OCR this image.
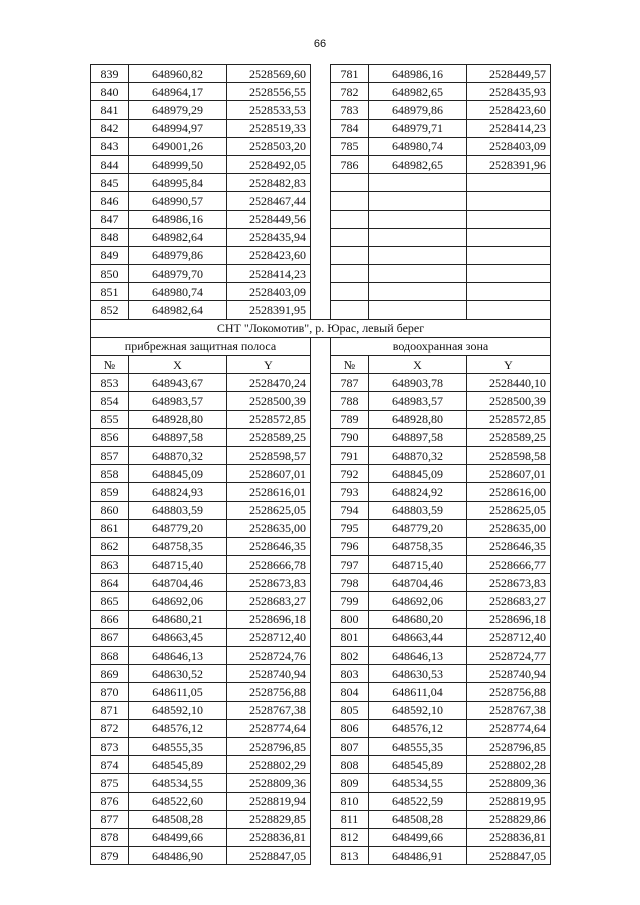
66
839	648960,82	2528569,60		781	648986,16	2528449,57
840	648964,17	2528556,55		782	648982,65	2528435,93
841	648979,29	2528533,53		783	648979,86	2528423,60
842	648994,97	2528519,33		784	648979,71	2528414,23
843	649001,26	2528503,20		785	648980,74	2528403,09
844	648999,50	2528492,05		786	648982,65	2528391,96
845	648995,84	2528482,83				
846	648990,57	2528467,44				
847	648986,16	2528449,56				
848	648982,64	2528435,94				
849	648979,86	2528423,60				
850	648979,70	2528414,23				
851	648980,74	2528403,09				
852	648982,64	2528391,95				
СНТ "Локомотив", р. Юрас, левый берег						
прибрежная защитная полоса				водоохранная зона		
№	X	Y		№	X	Y
853	648943,67	2528470,24		787	648903,78	2528440,10
854	648983,57	2528500,39		788	648983,57	2528500,39
855	648928,80	2528572,85		789	648928,80	2528572,85
856	648897,58	2528589,25		790	648897,58	2528589,25
857	648870,32	2528598,57		791	648870,32	2528598,58
858	648845,09	2528607,01		792	648845,09	2528607,01
859	648824,93	2528616,01		793	648824,92	2528616,00
860	648803,59	2528625,05		794	648803,59	2528625,05
861	648779,20	2528635,00		795	648779,20	2528635,00
862	648758,35	2528646,35		796	648758,35	2528646,35
863	648715,40	2528666,78		797	648715,40	2528666,77
864	648704,46	2528673,83		798	648704,46	2528673,83
865	648692,06	2528683,27		799	648692,06	2528683,27
866	648680,21	2528696,18		800	648680,20	2528696,18
867	648663,45	2528712,40		801	648663,44	2528712,40
868	648646,13	2528724,76		802	648646,13	2528724,77
869	648630,52	2528740,94		803	648630,53	2528740,94
870	648611,05	2528756,88		804	648611,04	2528756,88
871	648592,10	2528767,38		805	648592,10	2528767,38
872	648576,12	2528774,64		806	648576,12	2528774,64
873	648555,35	2528796,85		807	648555,35	2528796,85
874	648545,89	2528802,29		808	648545,89	2528802,28
875	648534,55	2528809,36		809	648534,55	2528809,36
876	648522,60	2528819,94		810	648522,59	2528819,95
877	648508,28	2528829,85		811	648508,28	2528829,86
878	648499,66	2528836,81		812	648499,66	2528836,81
879	648486,90	2528847,05		813	648486,91	2528847,05
